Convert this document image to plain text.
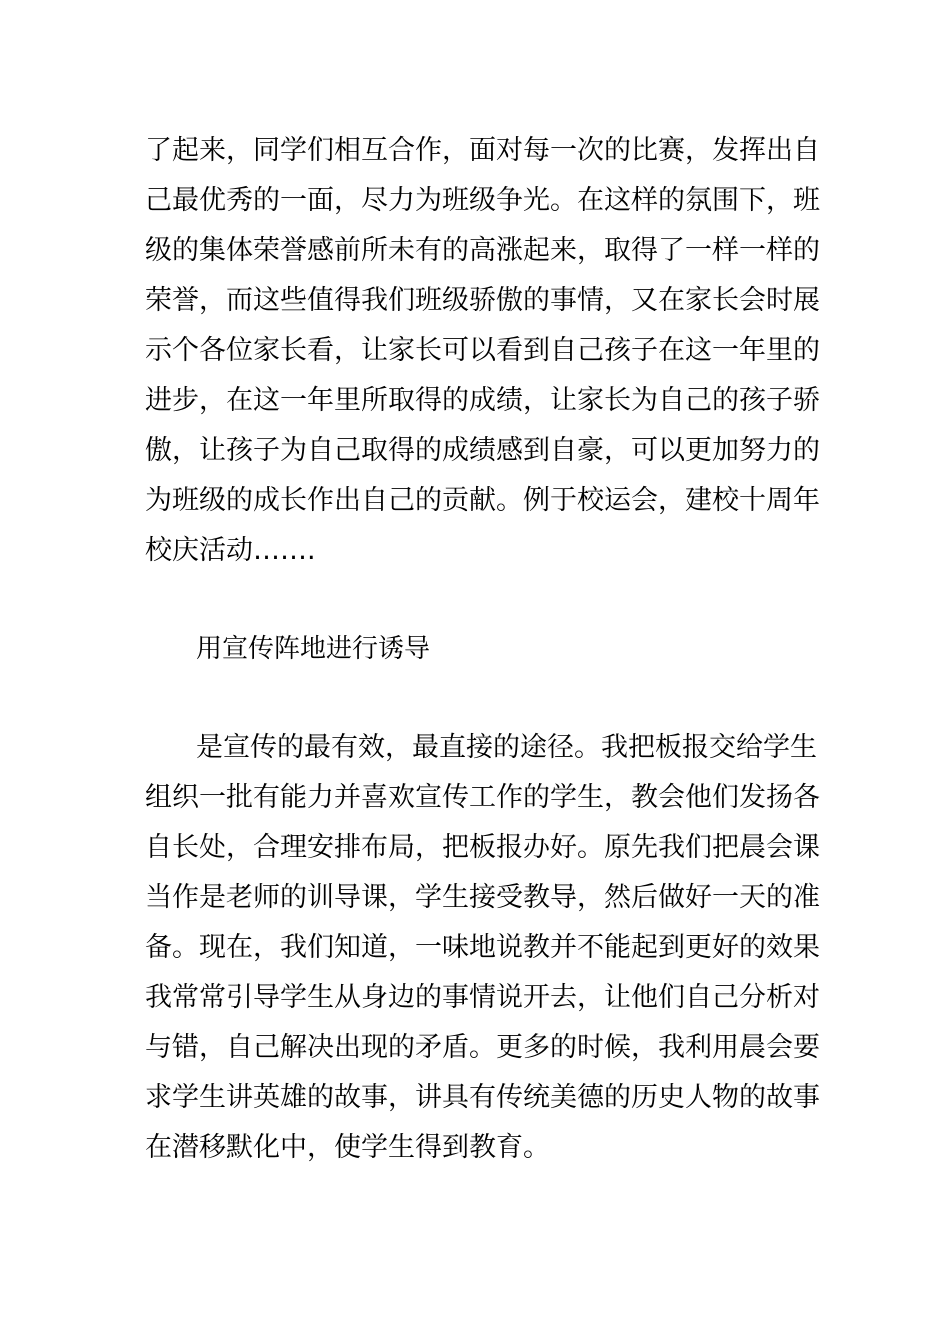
了起来，同学们相互合作，面对每一次的比赛，发挥出自
己最优秀的一面，尽力为班级争光。在这样的氛围下，班
级的集体荣誉感前所未有的高涨起来，取得了一样一样的
荣誉，而这些值得我们班级骄傲的事情，又在家长会时展
示个各位家长看，让家长可以看到自己孩子在这一年里的
进步，在这一年里所取得的成绩，让家长为自己的孩子骄
傲，让孩子为自己取得的成绩感到自豪，可以更加努力的
为班级的成长作出自己的贡献。例于校运会，建校十周年
校庆活动…….
用宣传阵地进行诱导
是宣传的最有效，最直接的途径。我把板报交给学生
组织一批有能力并喜欢宣传工作的学生，教会他们发扬各
自长处，合理安排布局，把板报办好。原先我们把晨会课
当作是老师的训导课，学生接受教导，然后做好一天的准
备。现在，我们知道，一味地说教并不能起到更好的效果
我常常引导学生从身边的事情说开去，让他们自己分析对
与错，自己解决出现的矛盾。更多的时候，我利用晨会要
求学生讲英雄的故事，讲具有传统美德的历史人物的故事
在潜移默化中，使学生得到教育。
